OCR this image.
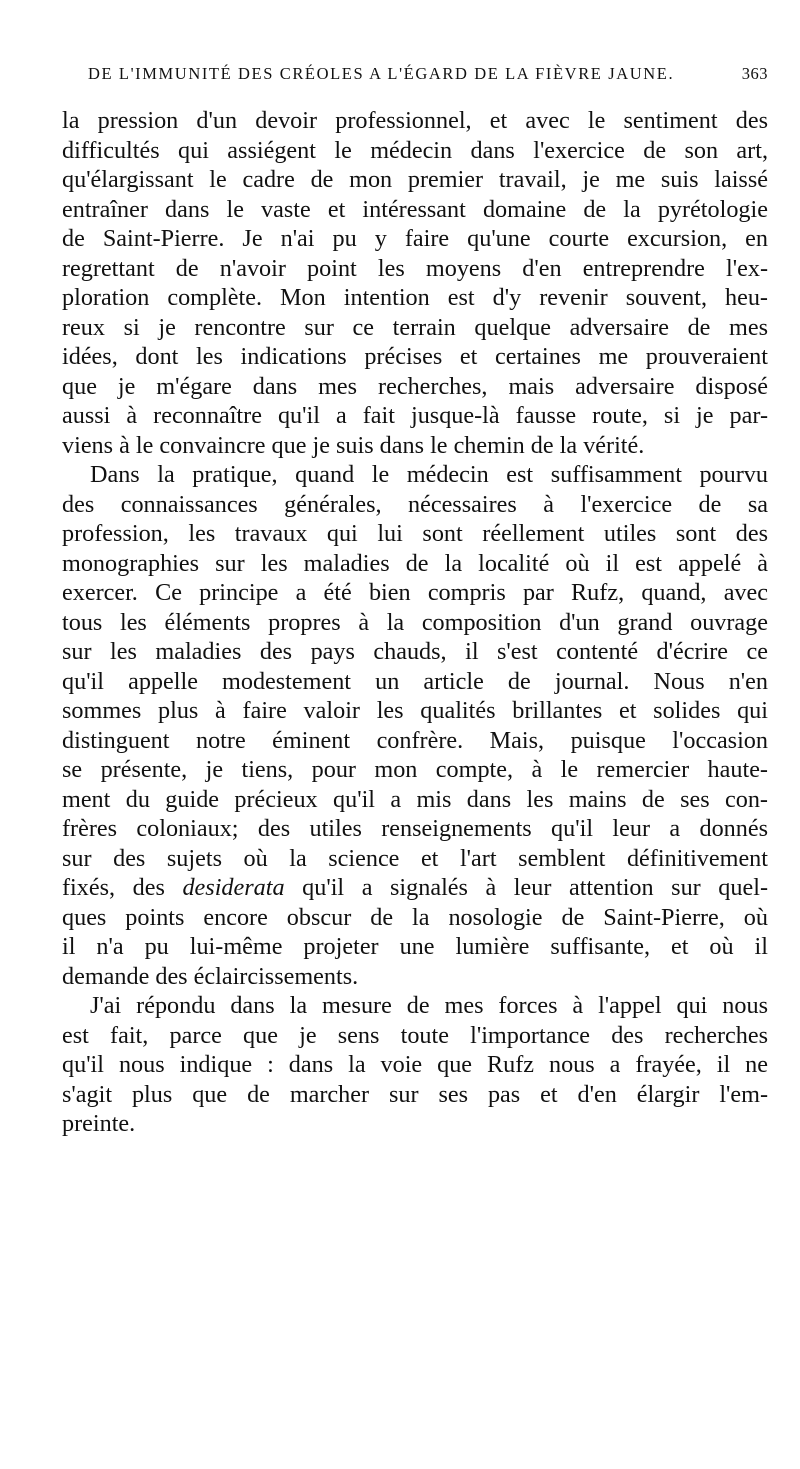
DE L'IMMUNITÉ DES CRÉOLES A L'ÉGARD DE LA FIÈVRE JAUNE.	363
la pression d'un devoir professionnel, et avec le sentiment des
difficultés qui assiégent le médecin dans l'exercice de son art,
qu'élargissant le cadre de mon premier travail, je me suis laissé
entraîner dans le vaste et intéressant domaine de la pyrétologie
de Saint-Pierre. Je n'ai pu y faire qu'une courte excursion, en
regrettant de n'avoir point les moyens d'en entreprendre l'ex-
ploration complète. Mon intention est d'y revenir souvent, heu-
reux si je rencontre sur ce terrain quelque adversaire de mes
idées, dont les indications précises et certaines me prouveraient
que je m'égare dans mes recherches, mais adversaire disposé
aussi à reconnaître qu'il a fait jusque-là fausse route, si je par-
viens à le convaincre que je suis dans le chemin de la vérité.
Dans la pratique, quand le médecin est suffisamment pourvu
des connaissances générales, nécessaires à l'exercice de sa
profession, les travaux qui lui sont réellement utiles sont des
monographies sur les maladies de la localité où il est appelé à
exercer. Ce principe a été bien compris par Rufz, quand, avec
tous les éléments propres à la composition d'un grand ouvrage
sur les maladies des pays chauds, il s'est contenté d'écrire ce
qu'il appelle modestement un article de journal. Nous n'en
sommes plus à faire valoir les qualités brillantes et solides qui
distinguent notre éminent confrère. Mais, puisque l'occasion
se présente, je tiens, pour mon compte, à le remercier haute-
ment du guide précieux qu'il a mis dans les mains de ses con-
frères coloniaux; des utiles renseignements qu'il leur a donnés
sur des sujets où la science et l'art semblent définitivement
fixés, des desiderata qu'il a signalés à leur attention sur quel-
ques points encore obscur de la nosologie de Saint-Pierre, où
il n'a pu lui-même projeter une lumière suffisante, et où il
demande des éclaircissements.
J'ai répondu dans la mesure de mes forces à l'appel qui nous
est fait, parce que je sens toute l'importance des recherches
qu'il nous indique : dans la voie que Rufz nous a frayée, il ne
s'agit plus que de marcher sur ses pas et d'en élargir l'em-
preinte.
